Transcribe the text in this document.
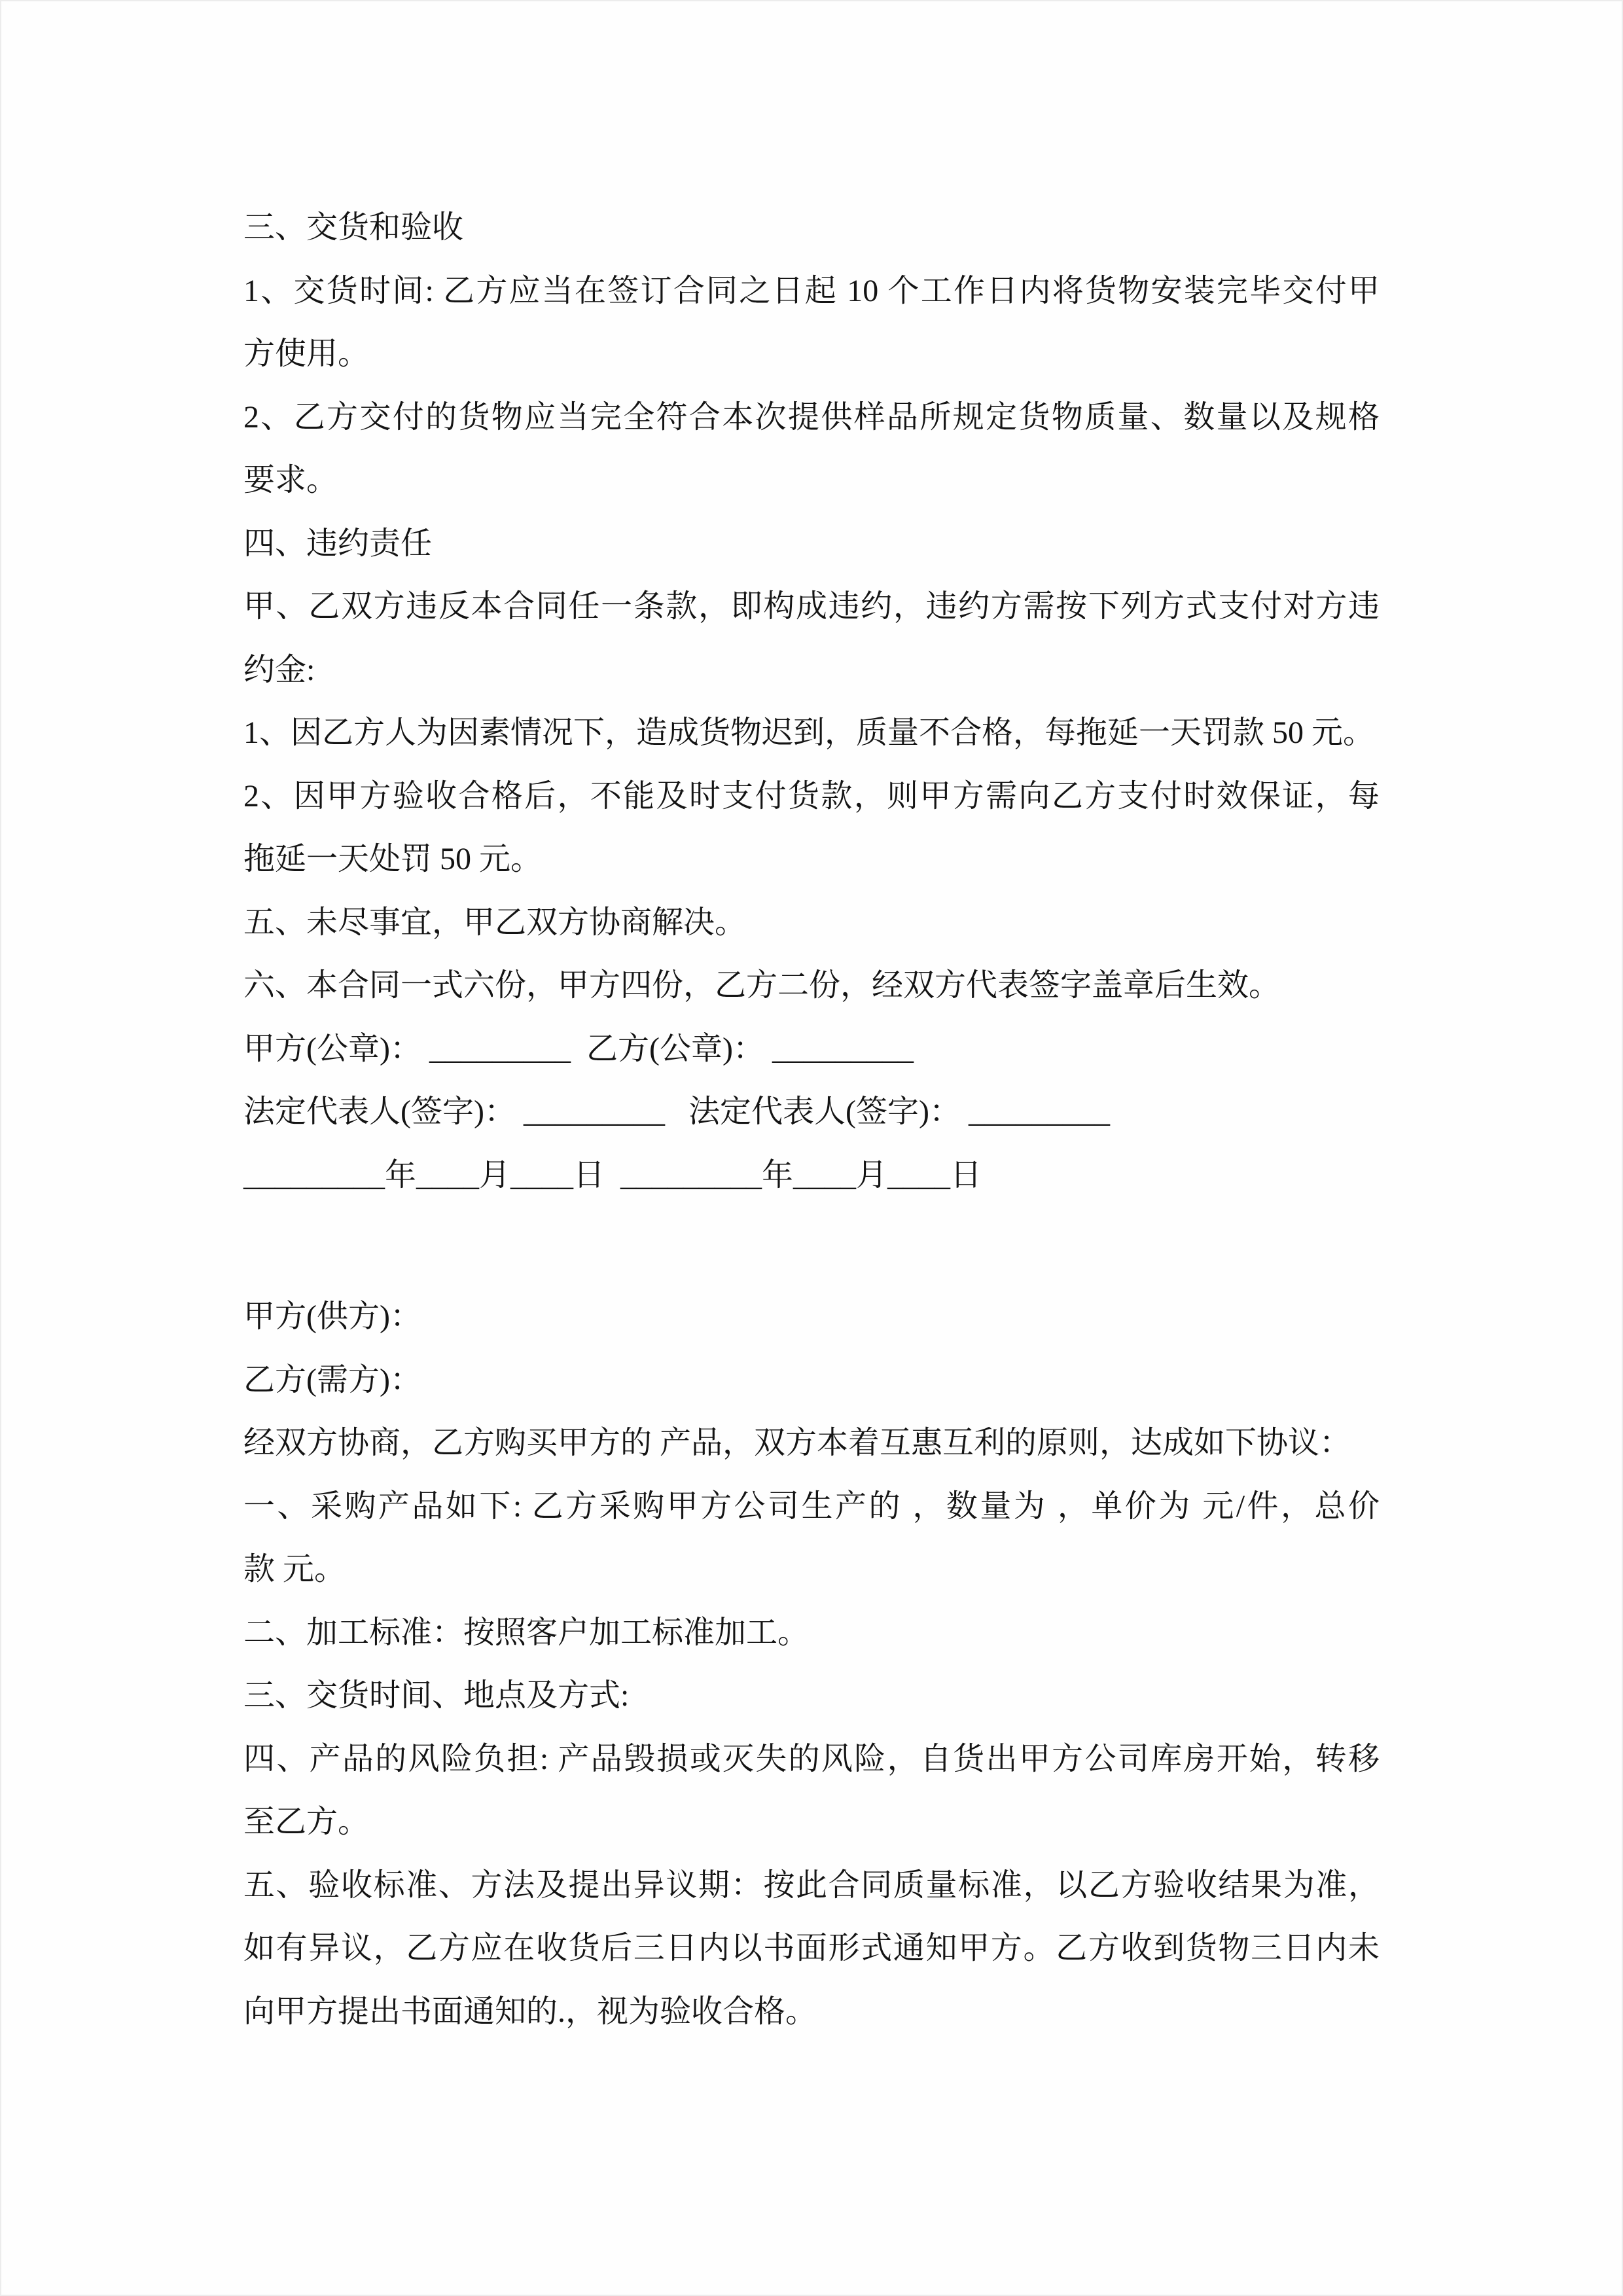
三、交货和验收
1、交货时间: 乙方应当在签订合同之日起 10 个工作日内将货物安装完毕交付甲
方使用。
2、乙方交付的货物应当完全符合本次提供样品所规定货物质量、数量以及规格
要求。
四、违约责任
甲、乙双方违反本合同任一条款，即构成违约，违约方需按下列方式支付对方违
约金:
1、因乙方人为因素情况下，造成货物迟到，质量不合格，每拖延一天罚款 50 元。
2、因甲方验收合格后，不能及时支付货款，则甲方需向乙方支付时效保证，每
拖延一天处罚 50 元。
五、未尽事宜，甲乙双方协商解决。
六、本合同一式六份，甲方四份，乙方二份，经双方代表签字盖章后生效。
甲方(公章)： _________  乙方(公章)： _________
法定代表人(签字)： _________   法定代表人(签字)： _________
_________年____月____日  _________年____月____日
甲方(供方)：
乙方(需方)：
经双方协商，乙方购买甲方的 产品，双方本着互惠互利的原则，达成如下协议：
一、采购产品如下: 乙方采购甲方公司生产的 ，数量为 ，单价为 元/件，总价
款 元。
二、加工标准：按照客户加工标准加工。
三、交货时间、地点及方式:
四、产品的风险负担: 产品毁损或灭失的风险，自货出甲方公司库房开始，转移
至乙方。
五、验收标准、方法及提出异议期：按此合同质量标准，以乙方验收结果为准，
如有异议，乙方应在收货后三日内以书面形式通知甲方。乙方收到货物三日内未
向甲方提出书面通知的.，视为验收合格。
